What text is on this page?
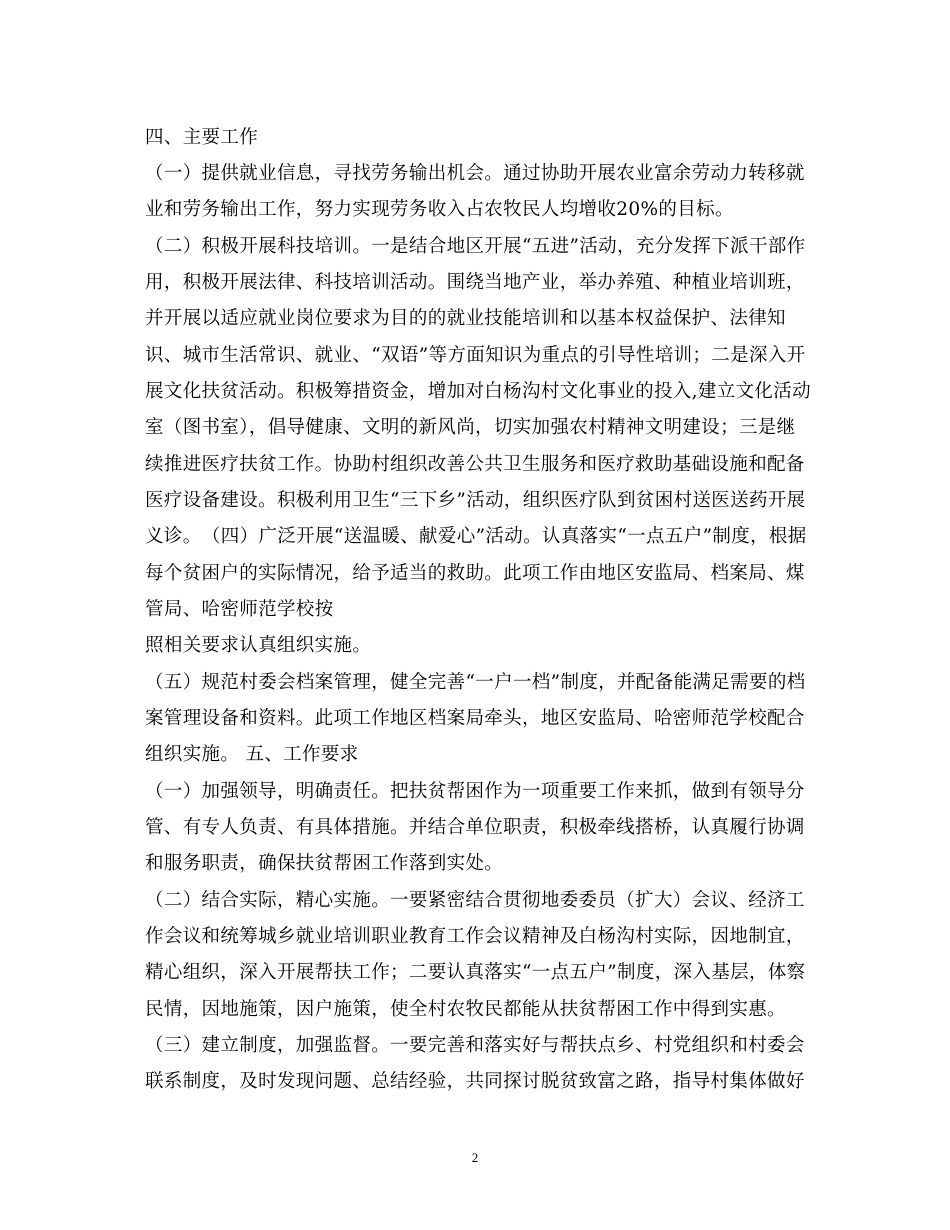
四、主要工作
（一）提供就业信息，寻找劳务输出机会。通过协助开展农业富余劳动力转移就
业和劳务输出工作，努力实现劳务收入占农牧民人均增收20%的目标。
（二）积极开展科技培训。一是结合地区开展“五进”活动，充分发挥下派干部作
用，积极开展法律、科技培训活动。围绕当地产业，举办养殖、种植业培训班，
并开展以适应就业岗位要求为目的的就业技能培训和以基本权益保护、法律知
识、城市生活常识、就业、“双语”等方面知识为重点的引导性培训；二是深入开
展文化扶贫活动。积极筹措资金，增加对白杨沟村文化事业的投入,建立文化活动
室（图书室），倡导健康、文明的新风尚，切实加强农村精神文明建设；三是继
续推进医疗扶贫工作。协助村组织改善公共卫生服务和医疗救助基础设施和配备
医疗设备建设。积极利用卫生“三下乡”活动，组织医疗队到贫困村送医送药开展
义诊。　（四）广泛开展“送温暖、献爱心”活动。认真落实“一点五户”制度，根据
每个贫困户的实际情况，给予适当的救助。此项工作由地区安监局、档案局、煤
管局、哈密师范学校按
照相关要求认真组织实施。
（五）规范村委会档案管理，健全完善“一户一档”制度，并配备能满足需要的档
案管理设备和资料。此项工作地区档案局牵头，地区安监局、哈密师范学校配合
组织实施。 五、工作要求
（一）加强领导，明确责任。把扶贫帮困作为一项重要工作来抓，做到有领导分
管、有专人负责、有具体措施。并结合单位职责，积极牵线搭桥，认真履行协调
和服务职责，确保扶贫帮困工作落到实处。
（二）结合实际，精心实施。一要紧密结合贯彻地委委员（扩大）会议、经济工
作会议和统筹城乡就业培训职业教育工作会议精神及白杨沟村实际，因地制宜，
精心组织，深入开展帮扶工作；二要认真落实“一点五户”制度，深入基层，体察
民情，因地施策，因户施策，使全村农牧民都能从扶贫帮困工作中得到实惠。
（三）建立制度，加强监督。一要完善和落实好与帮扶点乡、村党组织和村委会
联系制度，及时发现问题、总结经验，共同探讨脱贫致富之路，指导村集体做好
2
